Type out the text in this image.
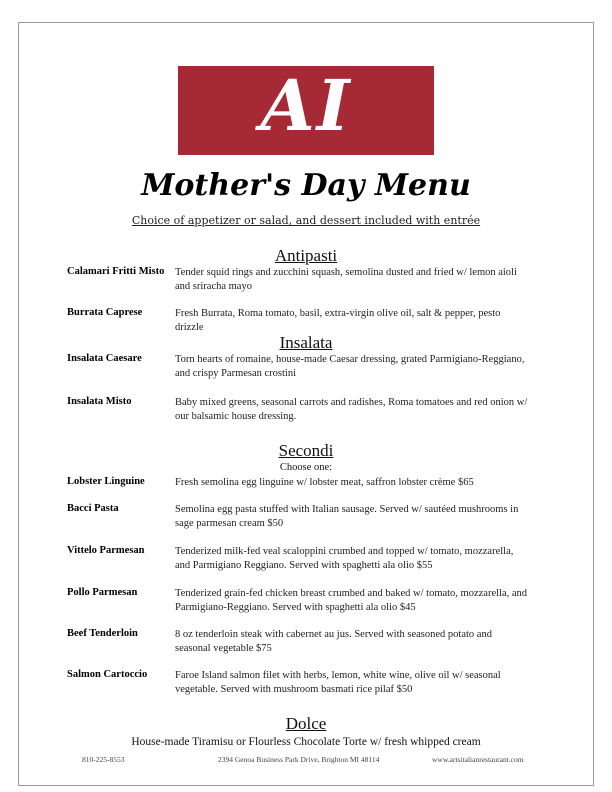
AI
Mother's Day Menu
Choice of appetizer or salad, and dessert included with entrée
Antipasti
Calamari Fritti Misto	Tender squid rings and zucchini squash, semolina dusted and fried w/ lemon aioli and sriracha mayo
Burrata Caprese	Fresh Burrata, Roma tomato, basil, extra-virgin olive oil, salt & pepper, pesto drizzle
Insalata
Insalata Caesare	Torn hearts of romaine, house-made Caesar dressing, grated Parmigiano-Reggiano, and crispy Parmesan crostini
Insalata Misto	Baby mixed greens, seasonal carrots and radishes, Roma tomatoes and red onion w/ our balsamic house dressing.
Secondi
Choose one:
Lobster Linguine	Fresh semolina egg linguine w/ lobster meat, saffron lobster crème $65
Bacci Pasta	Semolina egg pasta stuffed with Italian sausage. Served w/ sautéed mushrooms in sage parmesan cream $50
Vittelo Parmesan	Tenderized milk-fed veal scaloppini crumbed and topped w/ tomato, mozzarella, and Parmigiano Reggiano. Served with spaghetti ala olio $55
Pollo Parmesan	Tenderized grain-fed chicken breast crumbed and baked w/ tomato, mozzarella, and Parmigiano-Reggiano. Served with spaghetti ala olio $45
Beef Tenderloin	8 oz tenderloin steak with cabernet au jus. Served with seasoned potato and seasonal vegetable $75
Salmon Cartoccio	Faroe Island salmon filet with herbs, lemon, white wine, olive oil w/ seasonal vegetable. Served with mushroom basmati rice pilaf $50
Dolce
House-made Tiramisu or Flourless Chocolate Torte w/ fresh whipped cream
810-225-8553	2394 Genoa Business Park Drive, Brighton MI 48114	www.artsitalianrestaurant.com
